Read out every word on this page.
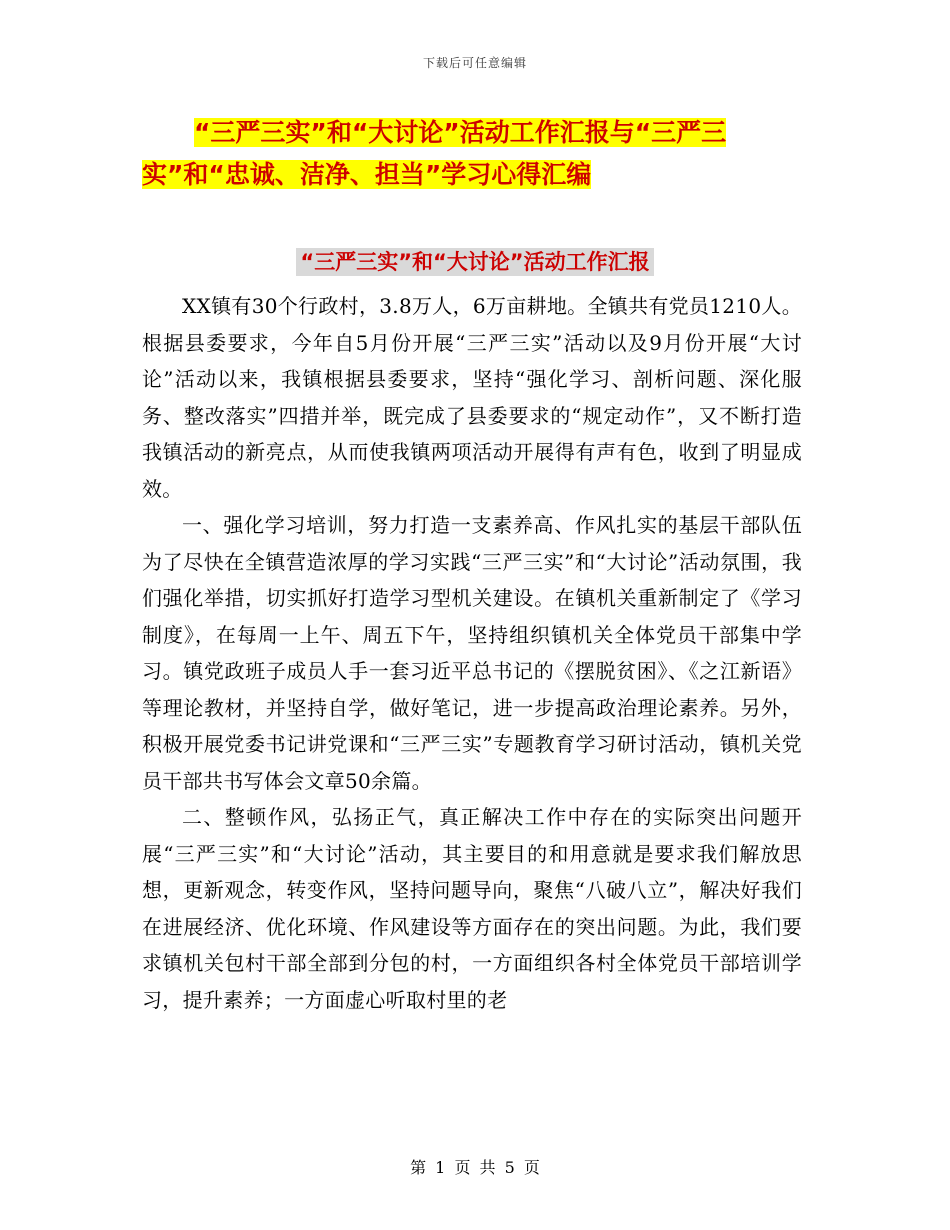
下载后可任意编辑
“三严三实”和“大讨论”活动工作汇报与“三严三
实”和“忠诚、洁净、担当”学习心得汇编
“三严三实”和“大讨论”活动工作汇报

XX镇有30个行政村，3.8万人，6万亩耕地。全镇共有党员1210人。根据县委要求，今年自5月份开展“三严三实”活动以及9月份开展“大讨论”活动以来，我镇根据县委要求，坚持“强化学习、剖析问题、深化服务、整改落实”四措并举，既完成了县委要求的“规定动作”，又不断打造我镇活动的新亮点，从而使我镇两项活动开展得有声有色，收到了明显成效。

一、强化学习培训，努力打造一支素养高、作风扎实的基层干部队伍为了尽快在全镇营造浓厚的学习实践“三严三实”和“大讨论”活动氛围，我们强化举措，切实抓好打造学习型机关建设。在镇机关重新制定了《学习制度》，在每周一上午、周五下午，坚持组织镇机关全体党员干部集中学习。镇党政班子成员人手一套习近平总书记的《摆脱贫困》、《之江新语》等理论教材，并坚持自学，做好笔记，进一步提高政治理论素养。另外，积极开展党委书记讲党课和“三严三实”专题教育学习研讨活动，镇机关党员干部共书写体会文章50余篇。

二、整顿作风，弘扬正气，真正解决工作中存在的实际突出问题开展“三严三实”和“大讨论”活动，其主要目的和用意就是要求我们解放思想，更新观念，转变作风，坚持问题导向，聚焦“八破八立”，解决好我们在进展经济、优化环境、作风建设等方面存在的突出问题。为此，我们要求镇机关包村干部全部到分包的村，一方面组织各村全体党员干部培训学习，提升素养；一方面虚心听取村里的老

第 1 页 共 5 页
